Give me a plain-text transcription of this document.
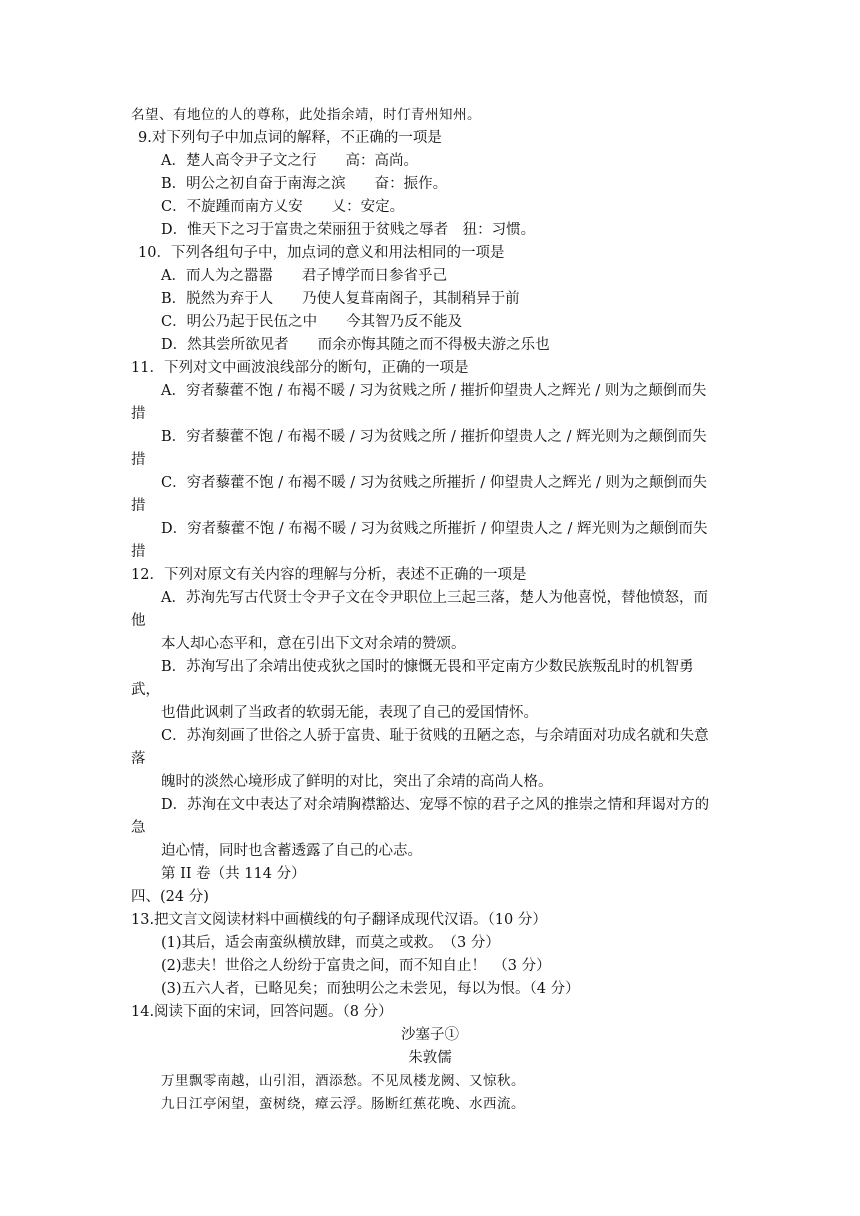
名望、有地位的人的尊称，此处指余靖，时仃青州知州。
9.对下列句子中加点词的解释，不正确的一项是
A．楚人高令尹子文之行　　高：高尚。
B．明公之初自奋于南海之滨　　奋：振作。
C．不旋踵而南方乂安　　乂：安定。
D．惟天下之习于富贵之荣丽狃于贫贱之辱者　狃：习惯。
10．下列各组句子中，加点词的意义和用法相同的一项是
A．而人为之嚣嚣　　君子博学而日参省乎己
B．脱然为弃于人　　乃使人复葺南阁子，其制稍异于前
C．明公乃起于民伍之中　　今其智乃反不能及
D．然其尝所欲见者　　而余亦悔其随之而不得极夫游之乐也
11．下列对文中画波浪线部分的断句，正确的一项是
A．穷者藜藿不饱 / 布褐不暖 / 习为贫贱之所 / 摧折仰望贵人之辉光 / 则为之颠倒而失
措
B．穷者藜藿不饱 / 布褐不暖 / 习为贫贱之所 / 摧折仰望贵人之 / 辉光则为之颠倒而失
措
C．穷者藜藿不饱 / 布褐不暖 / 习为贫贱之所摧折 / 仰望贵人之辉光 / 则为之颠倒而失
措
D．穷者藜藿不饱 / 布褐不暖 / 习为贫贱之所摧折 / 仰望贵人之 / 辉光则为之颠倒而失
措
12．下列对原文有关内容的理解与分析，表述不正确的一项是
A．苏洵先写古代贤士令尹子文在令尹职位上三起三落，楚人为他喜悦，替他愤怒，而
他
本人却心态平和，意在引出下文对余靖的赞颂。
B．苏洵写出了余靖出使戎狄之国时的慷慨无畏和平定南方少数民族叛乱时的机智勇
武，
也借此讽刺了当政者的软弱无能，表现了自己的爱国情怀。
C．苏洵刻画了世俗之人骄于富贵、耻于贫贱的丑陋之态，与余靖面对功成名就和失意
落
魄时的淡然心境形成了鲜明的对比，突出了余靖的高尚人格。
D．苏洵在文中表达了对余靖胸襟豁达、宠辱不惊的君子之风的推崇之情和拜谒对方的
急
迫心情，同时也含蓄透露了自己的心志。
第 II 卷（共 114 分）
四、(24 分)
13.把文言文阅读材料中画横线的句子翻译成现代汉语。（10 分）
(1)其后，适会南蛮纵横放肆，而莫之或救。　（3 分）
(2)悲夫！世俗之人纷纷于富贵之间，而不知自止！　（3 分）
(3)五六人者，已略见矣；而独明公之未尝见，每以为恨。（4 分）
14.阅读下面的宋词，回答问题。（8 分）
沙塞子①
朱敦儒
万里飘零南越，山引泪，酒添愁。不见凤楼龙阙、又惊秋。
九日江亭闲望，蛮树绕，瘴云浮。肠断红蕉花晚、水西流。
